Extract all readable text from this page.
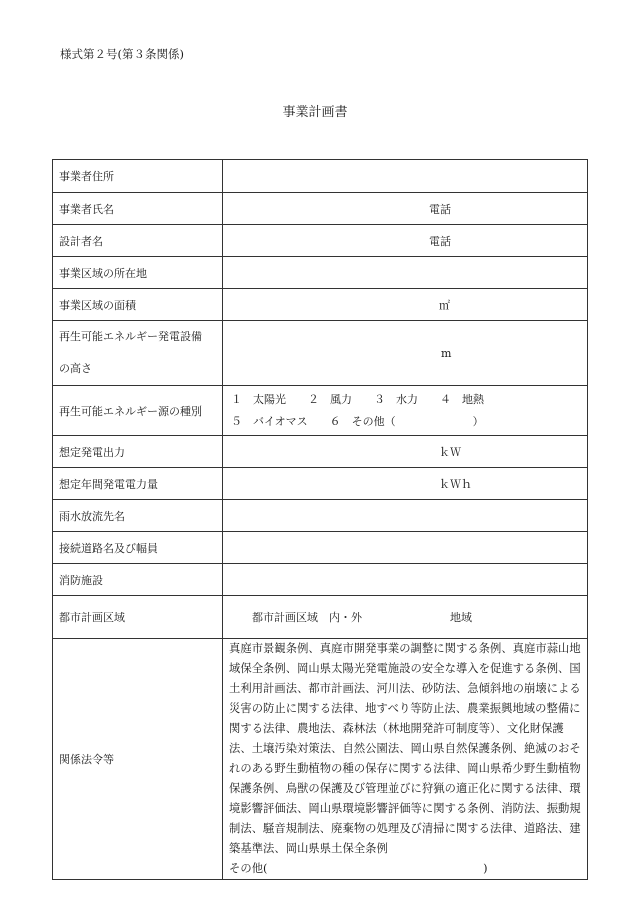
様式第２号(第３条関係)
事業計画書
事業者住所	
事業者氏名	電話
設計者名	電話
事業区域の所在地	
事業区域の面積	㎡

再生可能エネルギー発電設備
の高さ	m
再生可能エネルギー源の種別	１　太陽光　　２　風力　　３　水力　　４　地熱
５　バイオマス　　６　その他（　　　　　　　）

想定発電出力	ｋＷ
想定年間発電電力量	ｋＷｈ
雨水放流先名	
接続道路名及び幅員	
消防施設	
都市計画区域	都市計画区域　内・外　　　　　　　　地域

関係法令等	真庭市景観条例、真庭市開発事業の調整に関する条例、真庭市蒜山地域保全条例、岡山県太陽光発電施設の安全な導入を促進する条例、国土利用計画法、都市計画法、河川法、砂防法、急傾斜地の崩壊による災害の防止に関する法律、地すべり等防止法、農業振興地域の整備に関する法律、農地法、森林法（林地開発許可制度等）、文化財保護法、土壌汚染対策法、自然公園法、岡山県自然保護条例、絶滅のおそれのある野生動植物の種の保存に関する法律、岡山県希少野生動植物保護条例、鳥獣の保護及び管理並びに狩猟の適正化に関する法律、環境影響評価法、岡山県環境影響評価等に関する条例、消防法、振動規制法、騒音規制法、廃棄物の処理及び清掃に関する法律、道路法、建築基準法、岡山県県土保全条例
その他(　　　　　　　　　　　　　　　　　　　)
